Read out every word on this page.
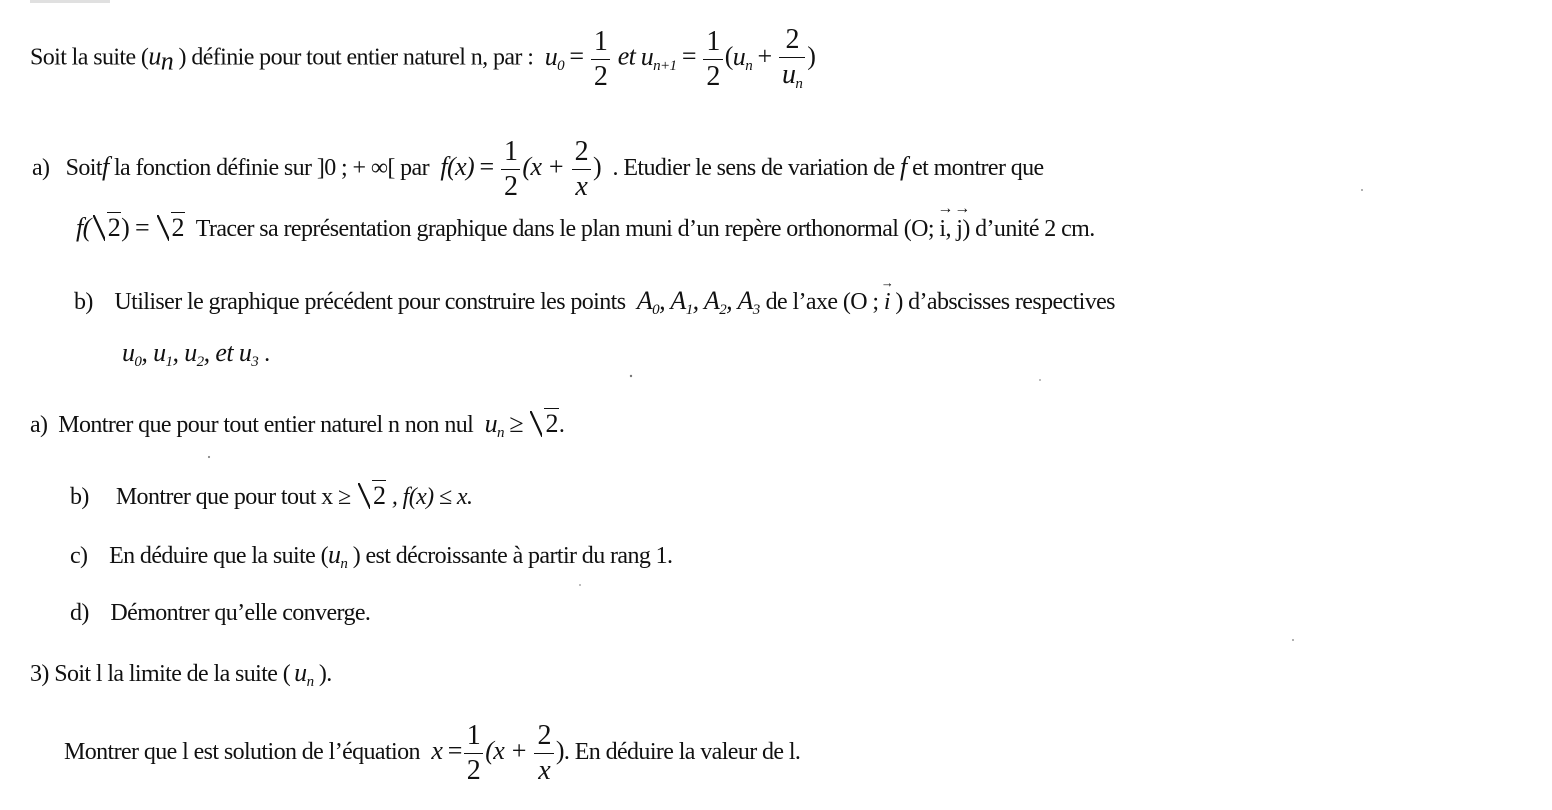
Soit la suite ($u_n$ ) définie pour tout entier naturel n, par : $u_0 = \frac{1}{2}$ et $u_{n+1} = \frac{1}{2} (u_n + \frac{2}{u_n}$ )
a) Soitf la fonction définie sur ]0 ; + ∞[ par $f(x) = \frac{1}{2} (x + \frac{2}{x}$ ) . Etudier le sens de variation de f et montrer que
f( 2) = 2 Tracer sa représentation graphique dans le plan muni d’un repère orthonormal (O; i →, j →) d’unité 2 cm.
b) Utiliser le graphique précédent pour construire les points $A_0$, $A_1$, $A_2$, $A_3$ de l’axe (O ; i → ) d’abscisses respectives
$u_0$, $u_1$, $u_2$, et $u_3$ .
a) Montrer que pour tout entier naturel n non nul $u_n \ge 2$.
b) Montrer que pour tout x ≥ 2 , f(x) ≤ x.
c) En déduire que la suite ($u_n$ ) est décroissante à partir du rang 1.
d) Démontrer qu’elle converge.
3) Soit l la limite de la suite ( $u_n$ ).
Montrer que l est solution de l’équation $x = \frac{1}{2} (x + \frac{2}{x}$ ). En déduire la valeur de l.
